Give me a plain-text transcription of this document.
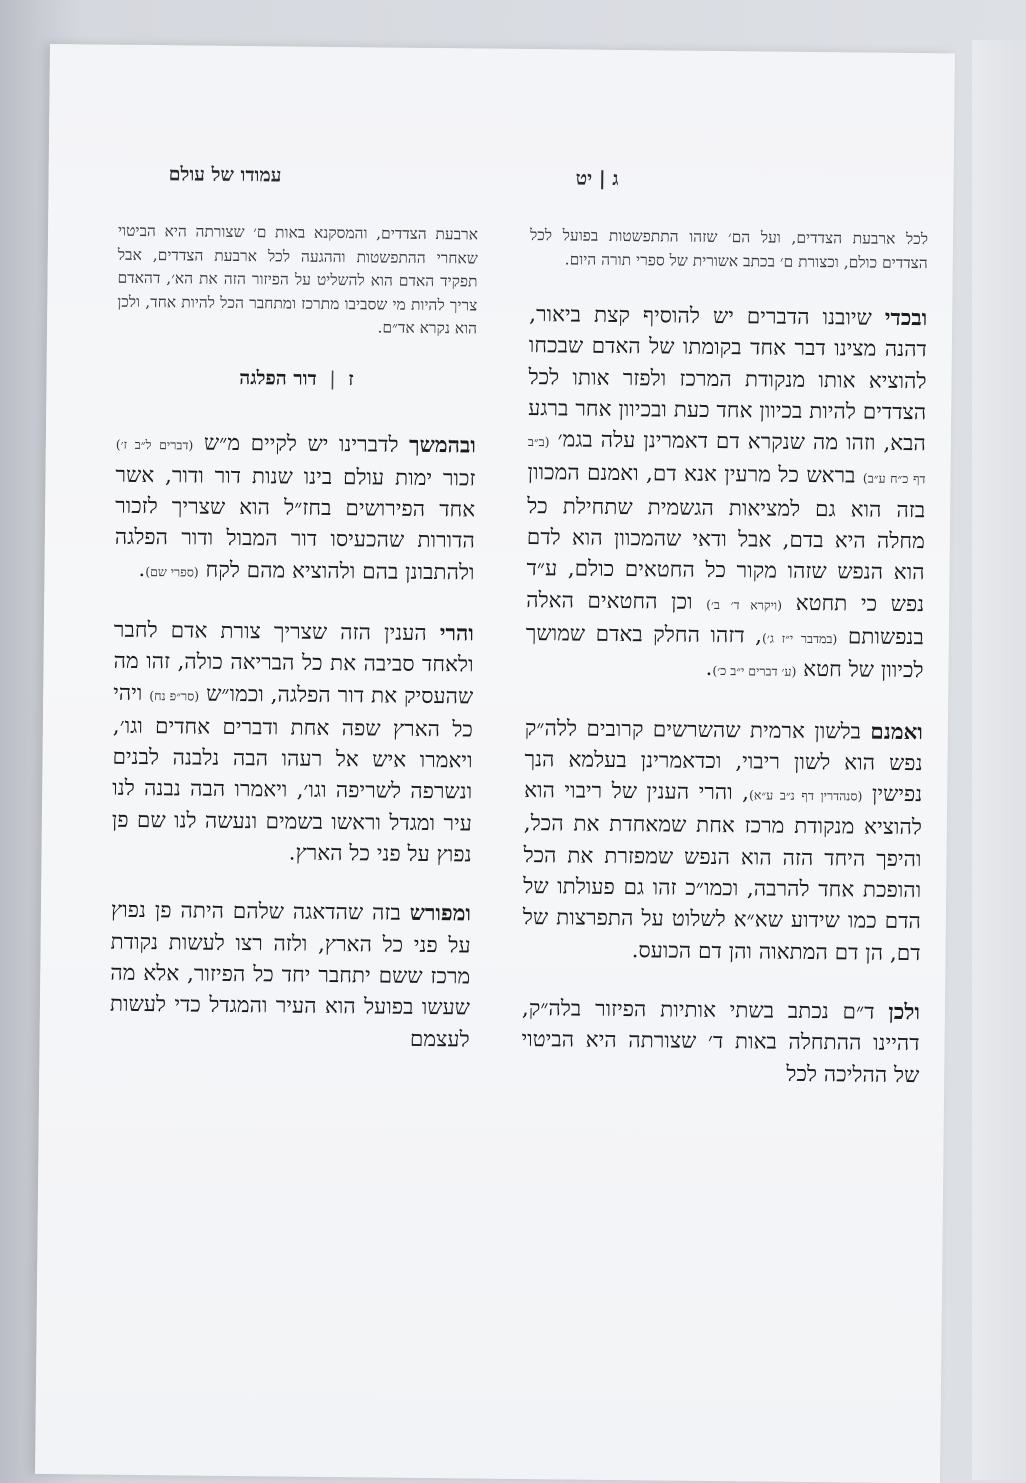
ג | יט
עמודו של עולם

לכל ארבעת הצדדים, ועל הם׳ שזהו התתפשטות בפועל לכל הצדדים כולם, וכצורת ם׳ בכתב אשורית של ספרי תורה היום.

ובכדי שיובנו הדברים יש להוסיף קצת ביאור, דהנה מצינו דבר אחד בקומתו של האדם שבכחו להוציא אותו מנקודת המרכז ולפזר אותו לכל הצדדים להיות בכיוון אחד כעת ובכיוון אחר ברגע הבא, וזהו מה שנקרא דם דאמרינן עלה בגמ׳ (ב״ב דף כ״ח ע״ב) בראש כל מרעין אנא דם, ואמנם המכוון בזה הוא גם למציאות הגשמית שתחילת כל מחלה היא בדם, אבל ודאי שהמכוון הוא לדם הוא הנפש שזהו מקור כל החטאים כולם, ע״ד נפש כי תחטא (ויקרא ד׳ ב׳) וכן החטאים האלה בנפשותם (במדבר י״ז ג׳), דזהו החלק באדם שמושך לכיוון של חטא (ע׳ דברים י״ב כ׳).

ואמנם בלשון ארמית שהשרשים קרובים ללה״ק נפש הוא לשון ריבוי, וכדאמרינן בעלמא הנך נפישין (סנהדרין דף נ״ב ע״א), והרי הענין של ריבוי הוא להוציא מנקודת מרכז אחת שמאחדת את הכל, והיפך היחד הזה הוא הנפש שמפזרת את הכל והופכת אחד להרבה, וכמו״כ זהו גם פעולתו של הדם כמו שידוע שא״א לשלוט על התפרצות של דם, הן דם המתאוה והן דם הכועס.

ולכן ד״ם נכתב בשתי אותיות הפיזור בלה״ק, דהיינו ההתחלה באות ד׳ שצורתה היא הביטוי של ההליכה לכל

ארבעת הצדדים, והמסקנא באות ם׳ שצורתה היא הביטוי שאחרי ההתפשטות וההגעה לכל ארבעת הצדדים, אבל תפקיד האדם הוא להשליט על הפיזור הזה את הא׳, דהאדם צריך להיות מי שסביבו מתרכז ומתחבר הכל להיות אחד, ולכן הוא נקרא אד״ם.

ז | דור הפלגה

ובהמשך לדברינו יש לקיים מ״ש (דברים ל״ב ז׳) זכור ימות עולם בינו שנות דור ודור, אשר אחד הפירושים בחז״ל הוא שצריך לזכור הדורות שהכעיסו דור המבול ודור הפלגה ולהתבונן בהם ולהוציא מהם לקח (ספרי שם).

והרי הענין הזה שצריך צורת אדם לחבר ולאחד סביבה את כל הבריאה כולה, זהו מה שהעסיק את דור הפלגה, וכמו״ש (סר״פ נח) ויהי כל הארץ שפה אחת ודברים אחדים וגו׳, ויאמרו איש אל רעהו הבה נלבנה לבנים ונשרפה לשריפה וגו׳, ויאמרו הבה נבנה לנו עיר ומגדל וראשו בשמים ונעשה לנו שם פן נפוץ על פני כל הארץ.

ומפורש בזה שהדאגה שלהם היתה פן נפוץ על פני כל הארץ, ולזה רצו לעשות נקודת מרכז ששם יתחבר יחד כל הפיזור, אלא מה שעשו בפועל הוא העיר והמגדל כדי לעשות לעצמם
